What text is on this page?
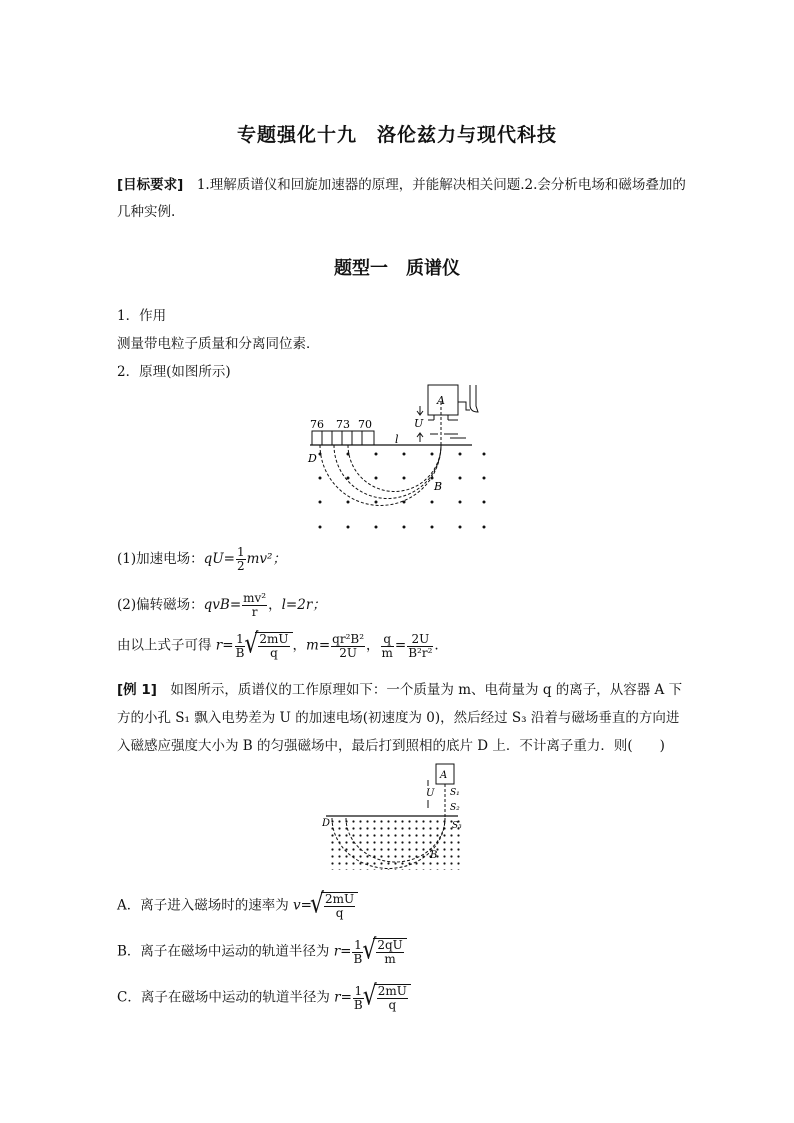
专题强化十九　洛伦兹力与现代科技
[目标要求]　 1.理解质谱仪和回旋加速器的原理，并能解决相关问题.2.会分析电场和磁场叠加的几种实例.
题型一　质谱仪
1．作用
测量带电粒子质量和分离同位素．
2．原理(如图所示)
76 73 70
A
U
l
D
B
(1)加速电场：$qU= \frac{1}{2} mv^2$；
(2)偏转磁场：$qvB= \frac{\text{mv²}}{r}$ ，l=2r；
由以上式子可得 $r= \frac{1}{B}$ √ $\frac{2mU}{q}$ ，$m= \frac{\text{qr²B²}}{2U}$ ， $\frac{q}{m} = \frac{2U}{\text{B²r²}}$ .
[例 1]　如图所示，质谱仪的工作原理如下：一个质量为 m、电荷量为 q 的离子，从容器 A 下方的小孔 S₁ 飘入电势差为 U 的加速电场(初速度为 0)，然后经过 S₃ 沿着与磁场垂直的方向进入磁感应强度大小为 B 的匀强磁场中，最后打到照相的底片 D 上．不计离子重力．则(　　)
A
U S₁
S₂
D
B
A．离子进入磁场时的速率为 v= √ $\frac{2mU}{q}$
B．离子在磁场中运动的轨道半径为 $r= \frac{1}{B}$ √ $\frac{2qU}{m}$
C．离子在磁场中运动的轨道半径为 $r= \frac{1}{B}$ √ $\frac{2mU}{q}$
